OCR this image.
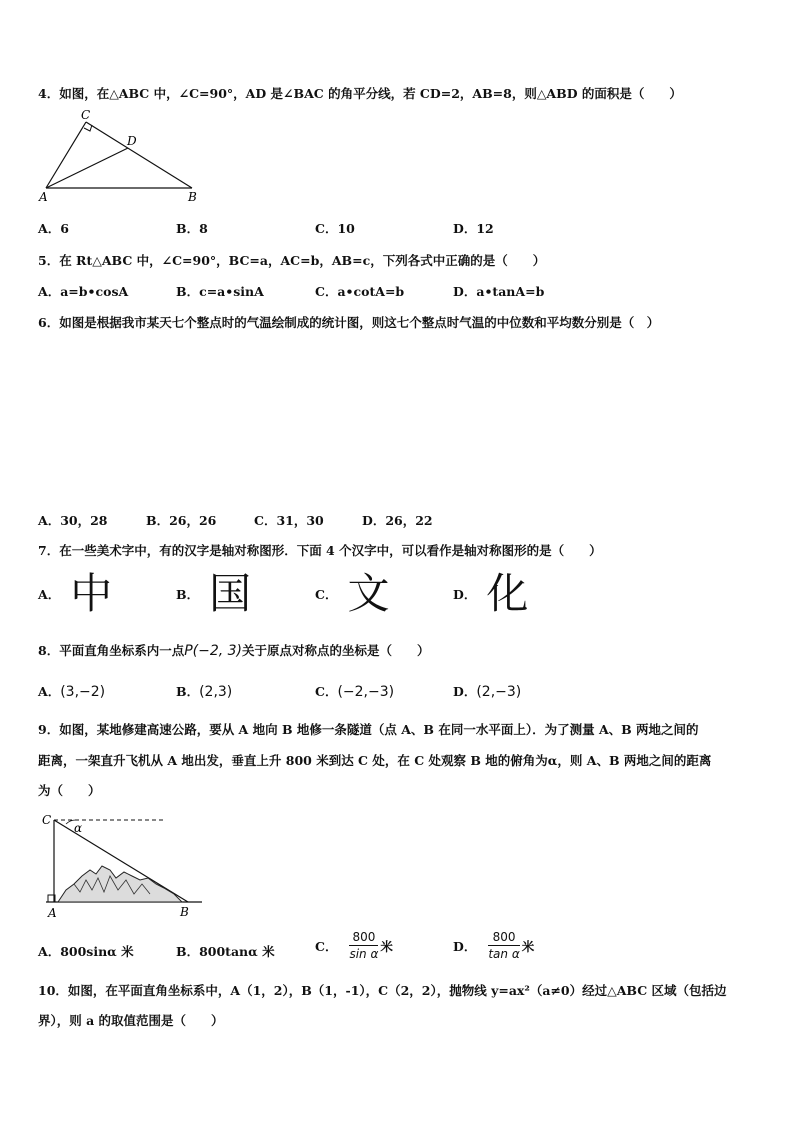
4．如图，在△ABC 中，∠C=90°，AD 是∠BAC 的角平分线，若 CD=2，AB=8，则△ABD 的面积是（　　）
C
D
A	B
A．6	B．8	C．10	D．12
5．在 Rt△ABC 中，∠C=90°，BC=a，AC=b，AB=c，下列各式中正确的是（　　）
A．a=b•cosA	B．c=a•sinA	C．a•cotA=b	D．a•tanA=b
6．如图是根据我市某天七个整点时的气温绘制成的统计图，则这七个整点时气温的中位数和平均数分别是（　）
A．30，28	B．26，26	C．31，30	D．26，22
7．在一些美术字中，有的汉字是轴对称图形．下面 4 个汉字中，可以看作是轴对称图形的是（　　）
A． 中	B． 国	C． 文	D． 化
8．平面直角坐标系内一点P(−2, 3)关于原点对称点的坐标是（　　）
A．(3,−2)	B．(2,3)	C．(−2,−3)	D．(2,−3)
9．如图，某地修建高速公路，要从 A 地向 B 地修一条隧道（点 A、B 在同一水平面上）．为了测量 A、B 两地之间的
距离，一架直升飞机从 A 地出发，垂直上升 800 米到达 C 处，在 C 处观察 B 地的俯角为α，则 A、B 两地之间的距离
为（　　）
C
α
A	B
A．800sinα 米	B．800tanα 米	C． $\frac{800}{\text{sin α}}$ 米	D． $\frac{800}{\text{tan α}}$ 米
10．如图，在平面直角坐标系中，A（1，2），B（1，-1），C（2，2），抛物线 y=ax²（a≠0）经过△ABC 区域（包括边
界），则 a 的取值范围是（　　）
